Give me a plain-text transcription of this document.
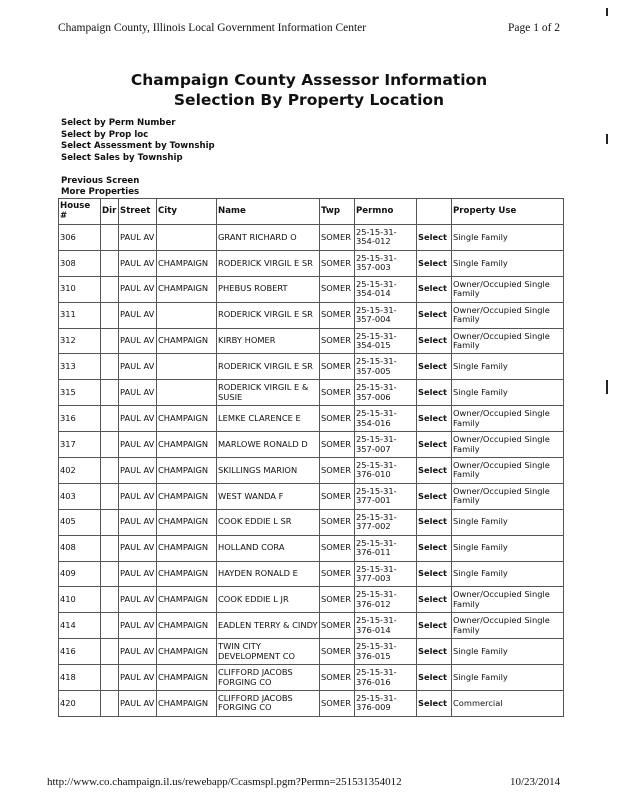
Champaign County, Illinois Local Government Information Center	Page 1 of 2
Champaign County Assessor Information
Selection By Property Location
Select by Perm Number
Select by Prop loc
Select Assessment by Township
Select Sales by Township
Previous Screen
More Properties
House #	Dir	Street	City	Name	Twp	Permno		Property Use
306		PAUL AV		GRANT RICHARD O	SOMER	25-15-31-354-012	Select	Single Family
308		PAUL AV	CHAMPAIGN	RODERICK VIRGIL E SR	SOMER	25-15-31-357-003	Select	Single Family
310		PAUL AV	CHAMPAIGN	PHEBUS ROBERT	SOMER	25-15-31-354-014	Select	Owner/Occupied Single Family
311		PAUL AV		RODERICK VIRGIL E SR	SOMER	25-15-31-357-004	Select	Owner/Occupied Single Family
312		PAUL AV	CHAMPAIGN	KIRBY HOMER	SOMER	25-15-31-354-015	Select	Owner/Occupied Single Family
313		PAUL AV		RODERICK VIRGIL E SR	SOMER	25-15-31-357-005	Select	Single Family
315		PAUL AV		RODERICK VIRGIL E & SUSIE	SOMER	25-15-31-357-006	Select	Single Family
316		PAUL AV	CHAMPAIGN	LEMKE CLARENCE E	SOMER	25-15-31-354-016	Select	Owner/Occupied Single Family
317		PAUL AV	CHAMPAIGN	MARLOWE RONALD D	SOMER	25-15-31-357-007	Select	Owner/Occupied Single Family
402		PAUL AV	CHAMPAIGN	SKILLINGS MARION	SOMER	25-15-31-376-010	Select	Owner/Occupied Single Family
403		PAUL AV	CHAMPAIGN	WEST WANDA F	SOMER	25-15-31-377-001	Select	Owner/Occupied Single Family
405		PAUL AV	CHAMPAIGN	COOK EDDIE L SR	SOMER	25-15-31-377-002	Select	Single Family
408		PAUL AV	CHAMPAIGN	HOLLAND CORA	SOMER	25-15-31-376-011	Select	Single Family
409		PAUL AV	CHAMPAIGN	HAYDEN RONALD E	SOMER	25-15-31-377-003	Select	Single Family
410		PAUL AV	CHAMPAIGN	COOK EDDIE L JR	SOMER	25-15-31-376-012	Select	Owner/Occupied Single Family
414		PAUL AV	CHAMPAIGN	EADLEN TERRY & CINDY	SOMER	25-15-31-376-014	Select	Owner/Occupied Single Family
416		PAUL AV	CHAMPAIGN	TWIN CITY DEVELOPMENT CO	SOMER	25-15-31-376-015	Select	Single Family
418		PAUL AV	CHAMPAIGN	CLIFFORD JACOBS FORGING CO	SOMER	25-15-31-376-016	Select	Single Family
420		PAUL AV	CHAMPAIGN	CLIFFORD JACOBS FORGING CO	SOMER	25-15-31-376-009	Select	Commercial
http://www.co.champaign.il.us/rewebapp/Ccasmspl.pgm?Permn=251531354012	10/23/2014
